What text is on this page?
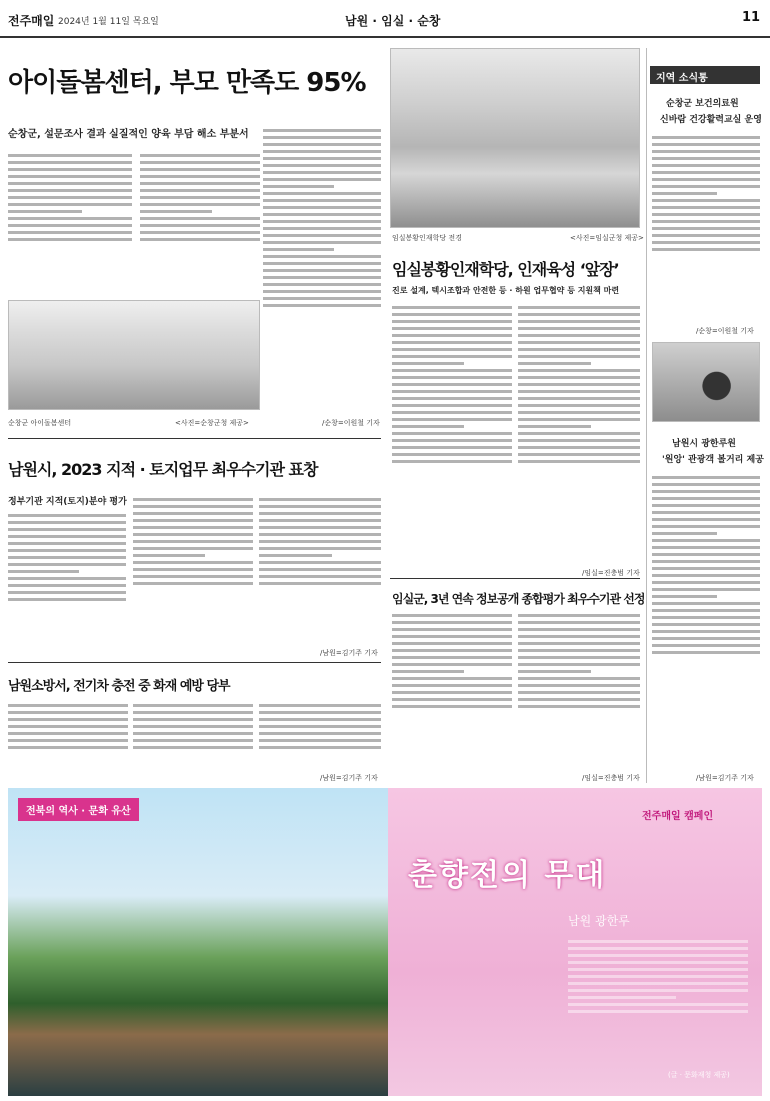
전주매일 2024년 1월 11일 목요일	남원 · 임실 · 순창	11
아이돌봄센터, 부모 만족도 95%
순창군, 설문조사 결과 실질적인 양육 부담 해소 부분서
순창군 아이돌봄센터	<사진=순창군청 제공>	/순창=이원철 기자
남원시, 2023 지적 · 토지업무 최우수기관 표창
정부기관 지적(토지)분야 평가
/남원=김기주 기자
남원소방서, 전기차 충전 중 화재 예방 당부
/남원=김기주 기자
임실봉황인재학당 전경	<사진=임실군청 제공>
임실봉황인재학당, 인재육성 ‘앞장’
진로 설계, 텍시조합과 안전한 등 · 하원 업무협약 등 지원책 마련
/임실=진충범 기자
임실군, 3년 연속 정보공개 종합평가 최우수기관 선정
/임실=진충범 기자
지역 소식통
순창군 보건의료원
신바람 건강활력교실 운영
/순창=이원철 기자
남원시 광한루원
'원앙' 관광객 볼거리 제공
/남원=김기주 기자
전북의 역사 · 문화 유산	전주매일 캠페인
춘향전의 무대
남원 광한루
(글 · 문화재청 제공)
